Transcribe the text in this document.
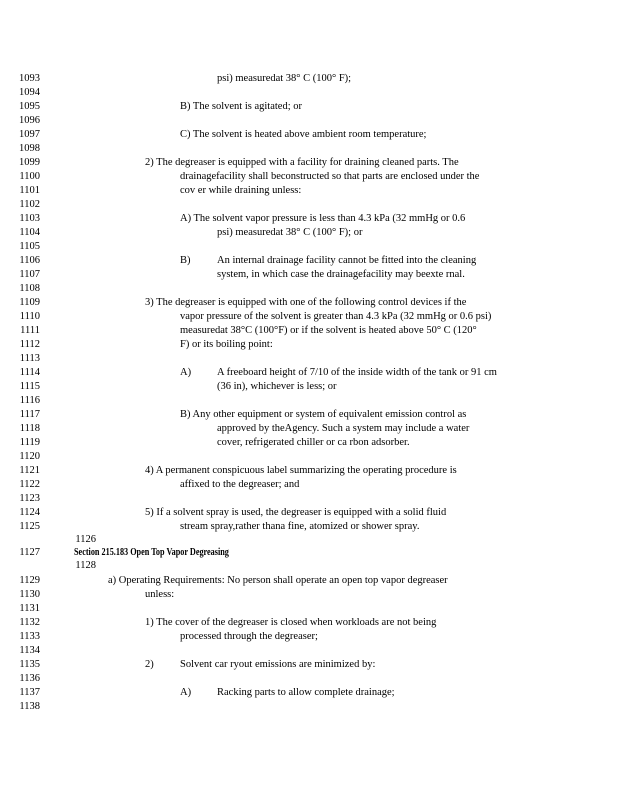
1093
1094
1095
1096
1097
1098
1099
1100
1101
1102
1103
1104
1105
1106
1107
1108
1109
1110
1111
1112
1113
1114
1115
1116
1117
1118
1119
1120
1121
1122
1123
1124
1125
1126
1127
1128
1129
1130
1131
1132
1133
1134
1135
1136
1137
1138
psi) measuredat 38° C (100° F);
B) The solvent is agitated; or
C) The solvent is heated above ambient room temperature;
2) The degreaser is equipped with a facility for draining cleaned parts. The
drainagefacility shall beconstructed so that parts are enclosed under the
cov er while draining unless:
A) The solvent vapor pressure is less than 4.3 kPa (32 mmHg or 0.6
psi) measuredat 38° C (100° F); or
B)	An internal drainage facility cannot be fitted into the cleaning
system, in which case the drainagefacility may beexte rnal.
3) The degreaser is equipped with one of the following control devices if the
vapor pressure of the solvent is greater than 4.3 kPa (32 mmHg or 0.6 psi)
measuredat 38°C (100°F) or if the solvent is heated above 50° C (120°
F) or its boiling point:
A) A freeboard height of 7/10 of the inside width of the tank or 91 cm
(36 in), whichever is less; or
B) Any other equipment or system of equivalent emission control as
approved by theAgency. Such a system may include a water
cover, refrigerated chiller or ca rbon adsorber.
4) A permanent conspicuous label summarizing the operating procedure is
affixed to the degreaser; and
5) If a solvent spray is used, the degreaser is equipped with a solid fluid
stream spray,rather thana fine, atomized or shower spray.
Section 215.183 Open Top Vapor Degreasing
a) Operating Requirements: No person shall operate an open top vapor degreaser
unless:
1) The cover of the degreaser is closed when workloads are not being
processed through the degreaser;
2)	Solvent car ryout emissions are minimized by:
A) Racking parts to allow complete drainage;
